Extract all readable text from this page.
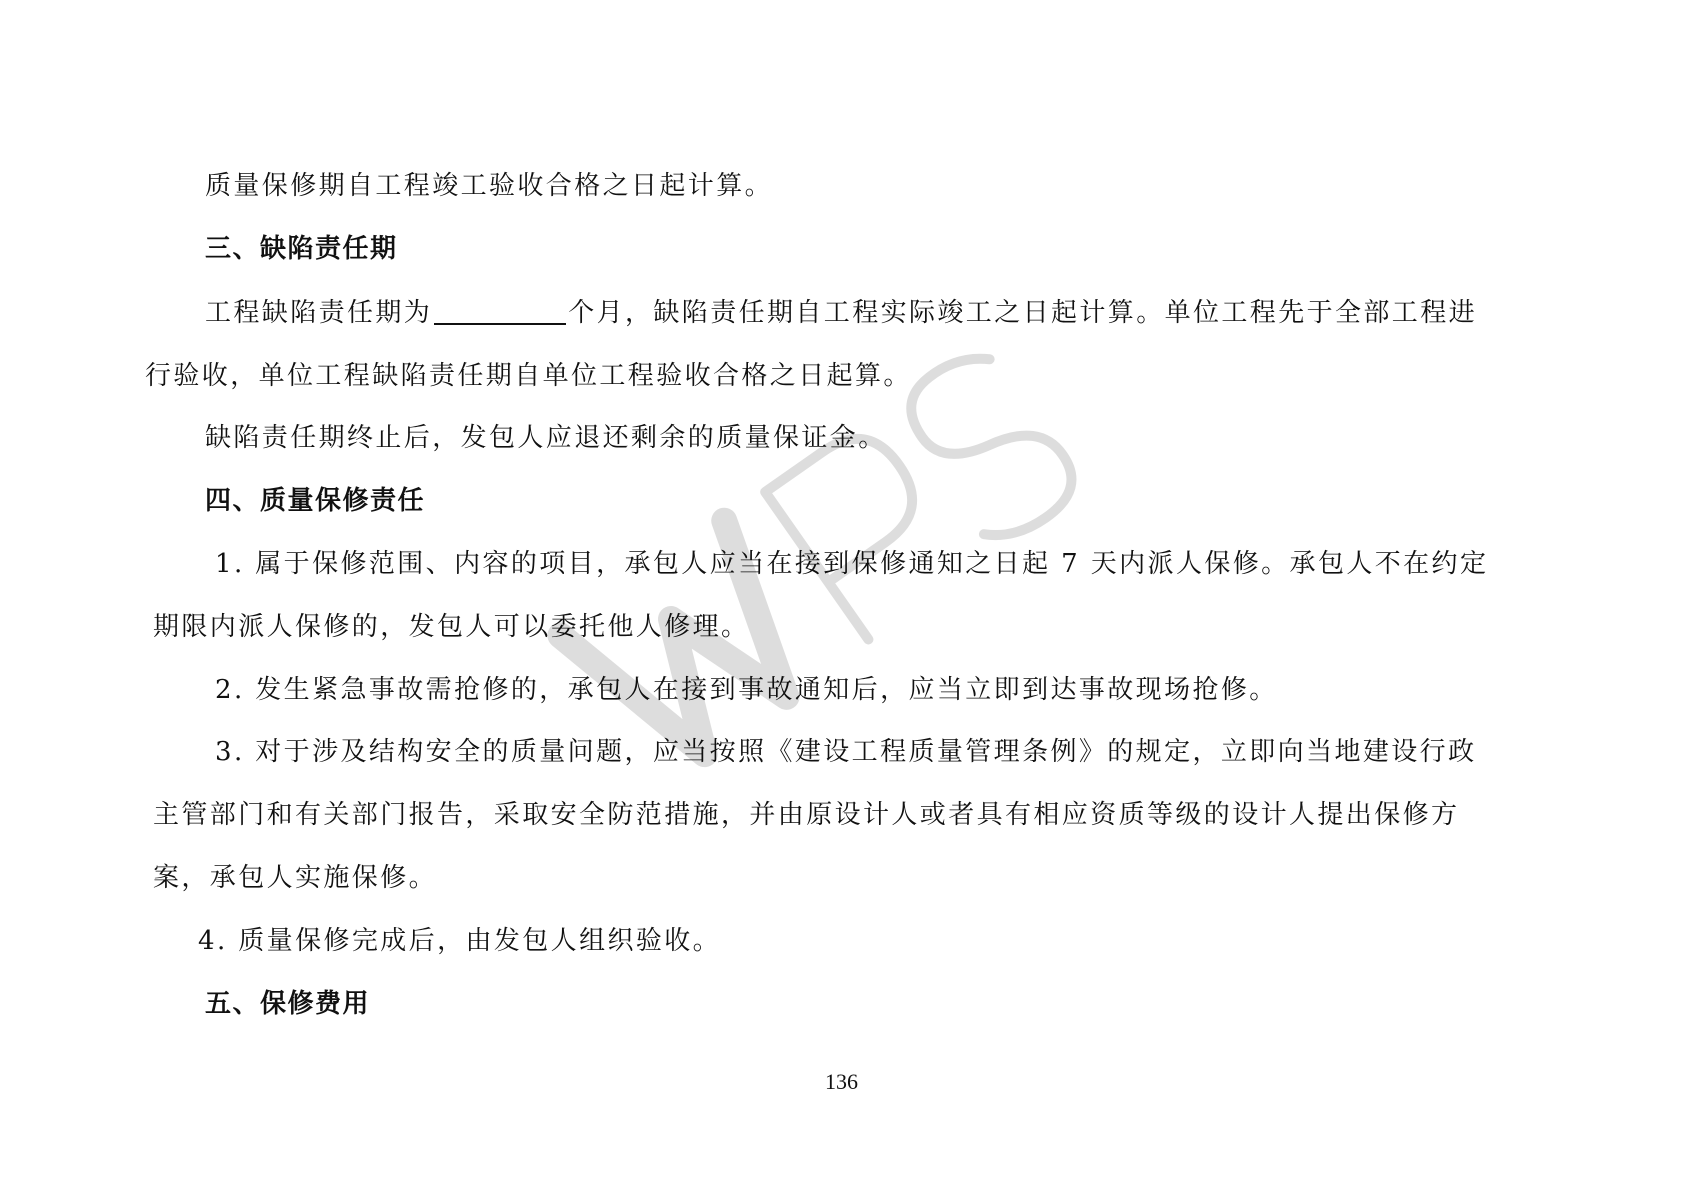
质量保修期自工程竣工验收合格之日起计算。
三、缺陷责任期
工程缺陷责任期为	个月，缺陷责任期自工程实际竣工之日起计算。单位工程先于全部工程进
行验收，单位工程缺陷责任期自单位工程验收合格之日起算。
缺陷责任期终止后，发包人应退还剩余的质量保证金。
四、质量保修责任
1. 属于保修范围、内容的项目，承包人应当在接到保修通知之日起 7 天内派人保修。承包人不在约定
期限内派人保修的，发包人可以委托他人修理。
2. 发生紧急事故需抢修的，承包人在接到事故通知后，应当立即到达事故现场抢修。
3. 对于涉及结构安全的质量问题，应当按照《建设工程质量管理条例》的规定，立即向当地建设行政
主管部门和有关部门报告，采取安全防范措施，并由原设计人或者具有相应资质等级的设计人提出保修方
案，承包人实施保修。
4. 质量保修完成后，由发包人组织验收。
五、保修费用
136
